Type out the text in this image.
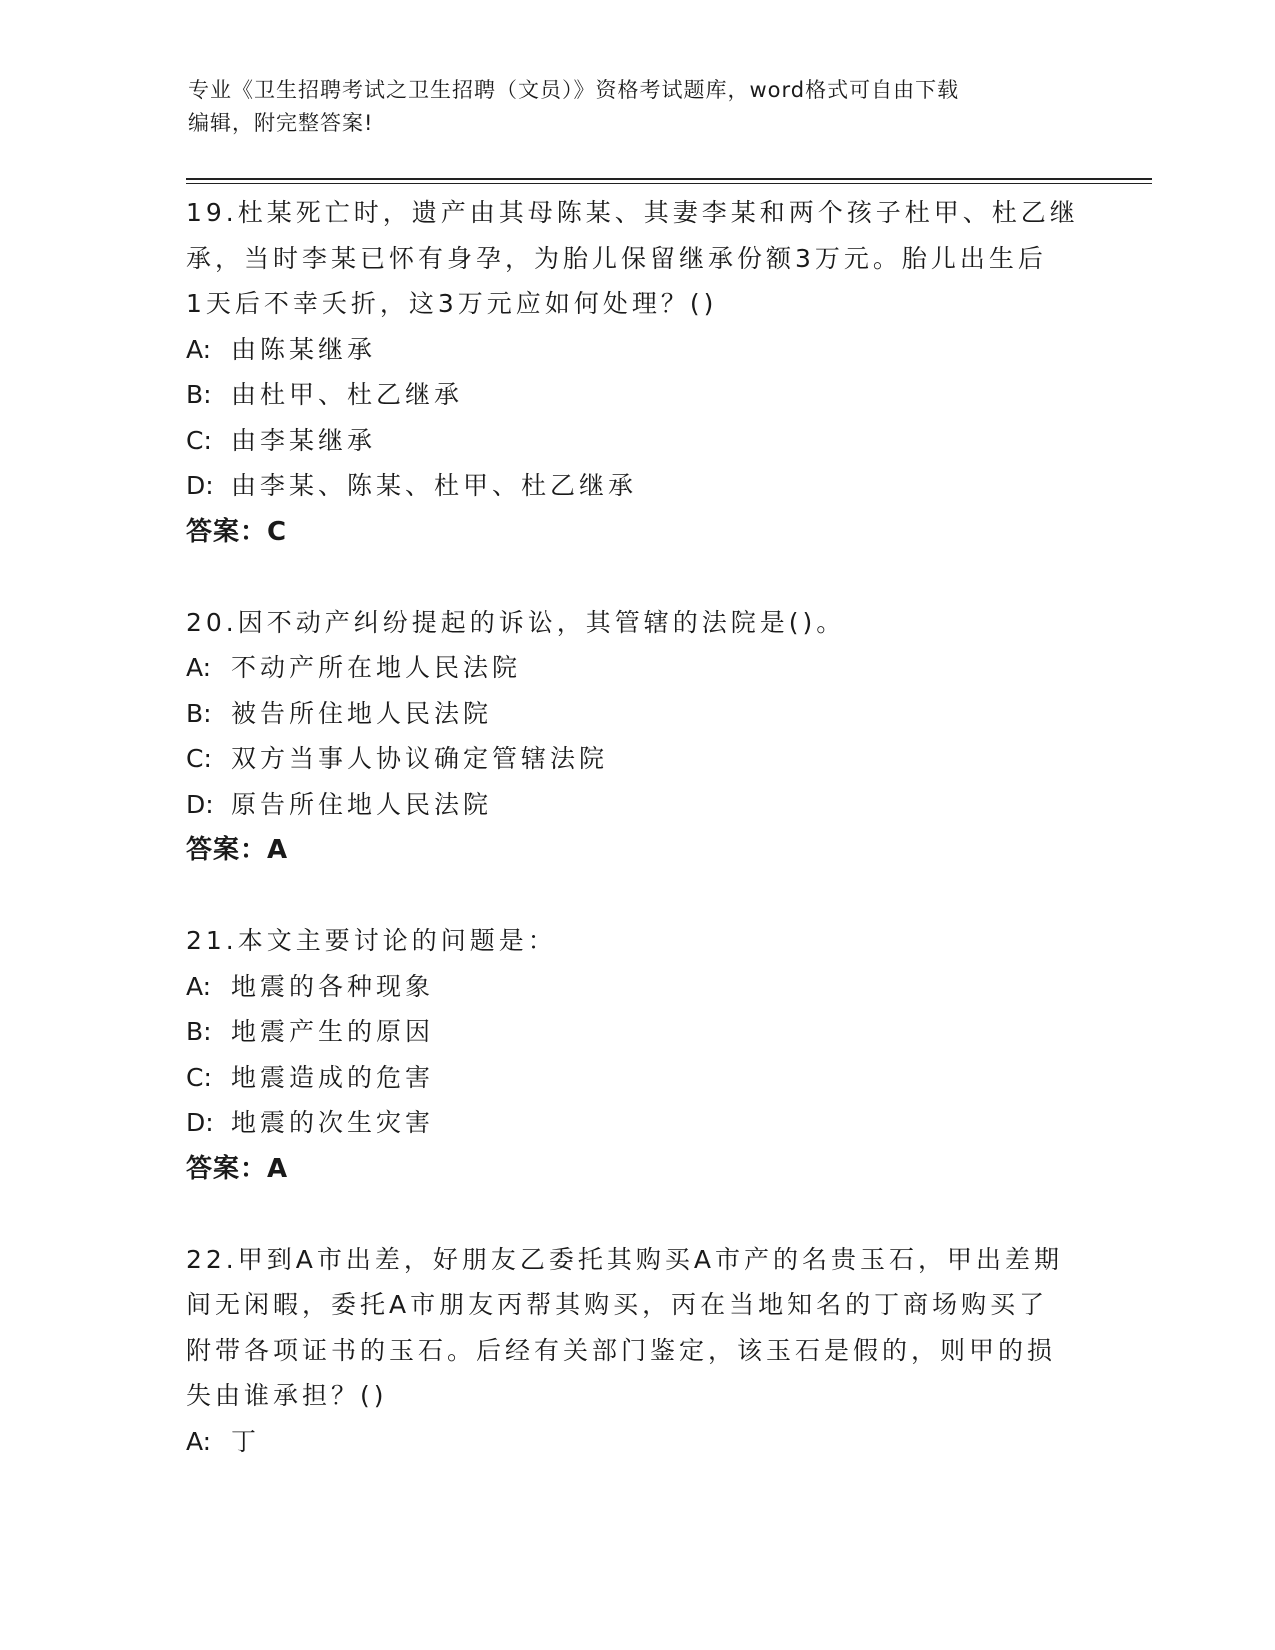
专业《卫生招聘考试之卫生招聘（文员）》资格考试题库，word格式可自由下载
编辑，附完整答案!

19.杜某死亡时，遗产由其母陈某、其妻李某和两个孩子杜甲、杜乙继

承，当时李某已怀有身孕，为胎儿保留继承份额3万元。胎儿出生后

1天后不幸夭折，这3万元应如何处理？()

A: 由陈某继承

B: 由杜甲、杜乙继承

C: 由李某继承

D: 由李某、陈某、杜甲、杜乙继承

答案：C

20.因不动产纠纷提起的诉讼，其管辖的法院是()。

A: 不动产所在地人民法院

B: 被告所住地人民法院

C: 双方当事人协议确定管辖法院

D: 原告所住地人民法院

答案：A

21.本文主要讨论的问题是：

A: 地震的各种现象

B: 地震产生的原因

C: 地震造成的危害

D: 地震的次生灾害

答案：A

22.甲到A市出差，好朋友乙委托其购买A市产的名贵玉石，甲出差期

间无闲暇，委托A市朋友丙帮其购买，丙在当地知名的丁商场购买了

附带各项证书的玉石。后经有关部门鉴定，该玉石是假的，则甲的损

失由谁承担？()

A: 丁
